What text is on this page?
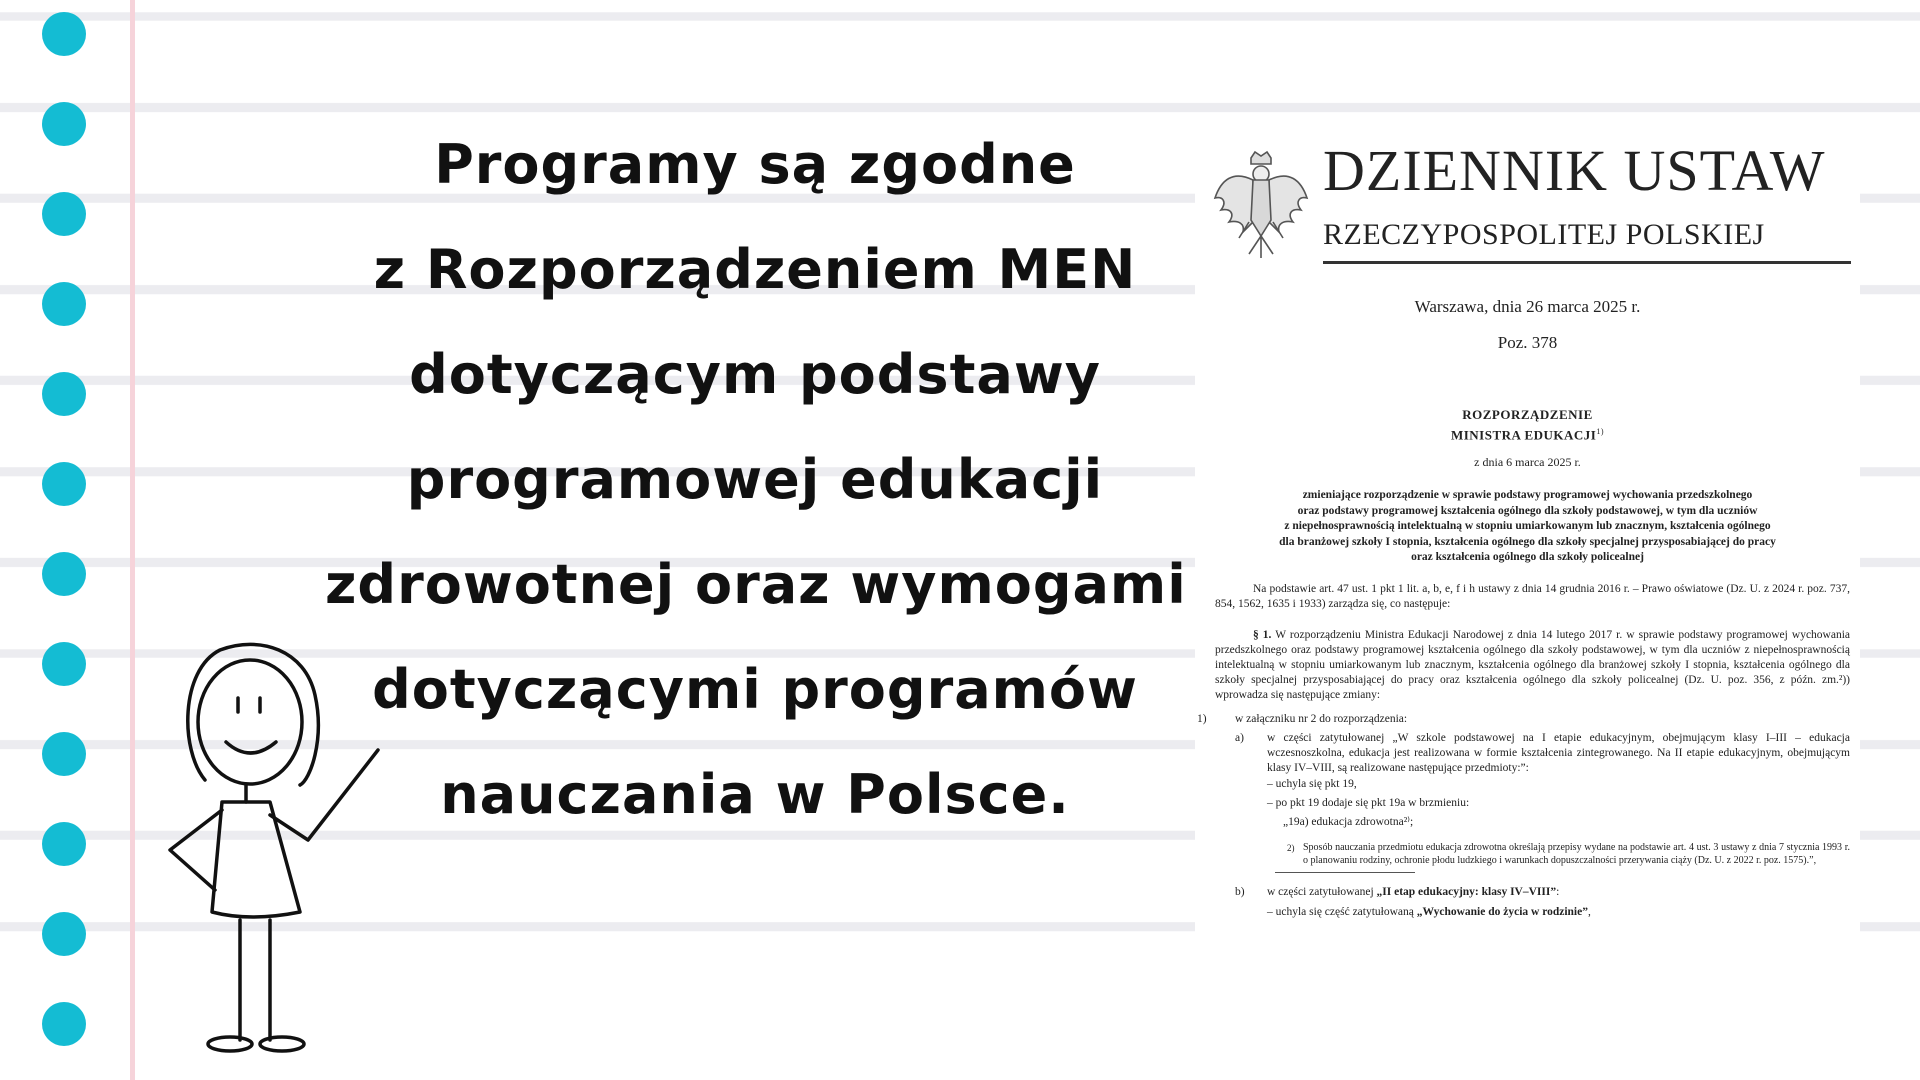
Programy są zgodne
z Rozporządzeniem MEN
dotyczącym podstawy
programowej edukacji
zdrowotnej oraz wymogami
dotyczącymi programów
nauczania w Polsce.
DZIENNIK USTAW
RZECZYPOSPOLITEJ POLSKIEJ
Warszawa, dnia 26 marca 2025 r.
Poz. 378
ROZPORZĄDZENIE
MINISTRA EDUKACJI$^{1)}$
z dnia 6 marca 2025 r.
zmieniające rozporządzenie w sprawie podstawy programowej wychowania przedszkolnego
oraz podstawy programowej kształcenia ogólnego dla szkoły podstawowej, w tym dla uczniów
z niepełnosprawnością intelektualną w stopniu umiarkowanym lub znacznym, kształcenia ogólnego
dla branżowej szkoły I stopnia, kształcenia ogólnego dla szkoły specjalnej przysposabiającej do pracy
oraz kształcenia ogólnego dla szkoły policealnej
Na podstawie art. 47 ust. 1 pkt 1 lit. a, b, e, f i h ustawy z dnia 14 grudnia 2016 r. – Prawo oświatowe (Dz. U. z 2024 r. poz. 737, 854, 1562, 1635 i 1933) zarządza się, co następuje:
§ 1. W rozporządzeniu Ministra Edukacji Narodowej z dnia 14 lutego 2017 r. w sprawie podstawy programowej wychowania przedszkolnego oraz podstawy programowej kształcenia ogólnego dla szkoły podstawowej, w tym dla uczniów z niepełnosprawnością intelektualną w stopniu umiarkowanym lub znacznym, kształcenia ogólnego dla branżowej szkoły I stopnia, kształcenia ogólnego dla szkoły specjalnej przysposabiającej do pracy oraz kształcenia ogólnego dla szkoły policealnej (Dz. U. poz. 356, z późn. zm.²)) wprowadza się następujące zmiany:
1) w załączniku nr 2 do rozporządzenia:
a) w części zatytułowanej „W szkole podstawowej na I etapie edukacyjnym, obejmującym klasy I–III – edukacja wczesnoszkolna, edukacja jest realizowana w formie kształcenia zintegrowanego. Na II etapie edukacyjnym, obejmującym klasy IV–VIII, są realizowane następujące przedmioty:”:
– uchyla się pkt 19,
– po pkt 19 dodaje się pkt 19a w brzmieniu:
„19a) edukacja zdrowotna²⁾;
2) Sposób nauczania przedmiotu edukacja zdrowotna określają przepisy wydane na podstawie art. 4 ust. 3 ustawy z dnia 7 stycznia 1993 r. o planowaniu rodziny, ochronie płodu ludzkiego i warunkach dopuszczalności przerywania ciąży (Dz. U. z 2022 r. poz. 1575).”,
b) w części zatytułowanej „II etap edukacyjny: klasy IV–VIII”:
– uchyla się część zatytułowaną „Wychowanie do życia w rodzinie”,
